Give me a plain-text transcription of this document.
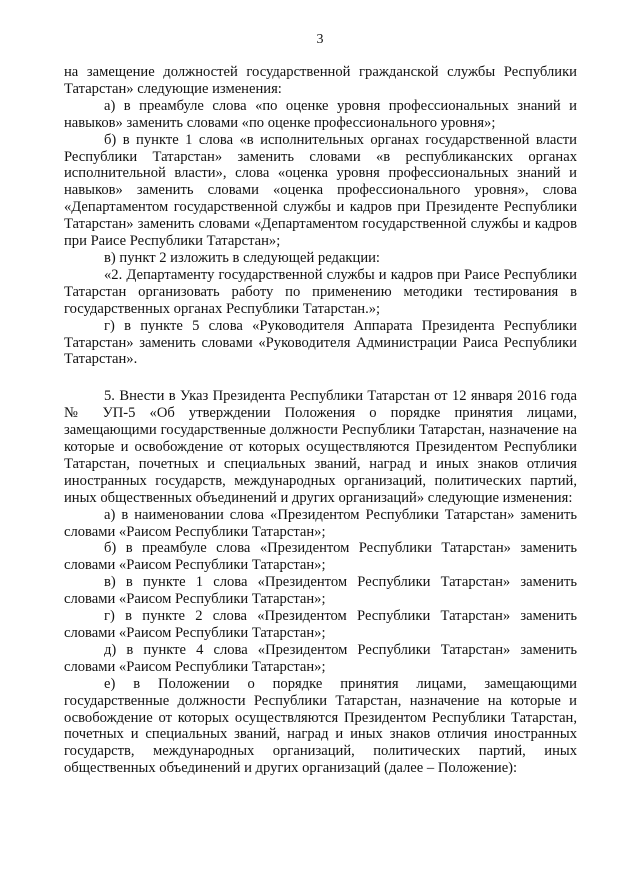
3

на замещение должностей государственной гражданской службы Республики Татарстан» следующие изменения:

а) в преамбуле слова «по оценке уровня профессиональных знаний и навыков» заменить словами «по оценке профессионального уровня»;

б) в пункте 1 слова «в исполнительных органах государственной власти Республики Татарстан» заменить словами «в республиканских органах исполнительной власти», слова «оценка уровня профессиональных знаний и навыков» заменить словами «оценка профессионального уровня», слова «Департаментом государственной службы и кадров при Президенте Республики Татарстан» заменить словами «Департаментом государственной службы и кадров при Раисе Республики Татарстан»;

в) пункт 2 изложить в следующей редакции:

«2. Департаменту государственной службы и кадров при Раисе Республики Татарстан организовать работу по применению методики тестирования в государственных органах Республики Татарстан.»;

г) в пункте 5 слова «Руководителя Аппарата Президента Республики Татарстан» заменить словами «Руководителя Администрации Раиса Республики Татарстан».

5. Внести в Указ Президента Республики Татарстан от 12 января 2016 года № УП-5 «Об утверждении Положения о порядке принятия лицами, замещающими государственные должности Республики Татарстан, назначение на которые и освобождение от которых осуществляются Президентом Республики Татарстан, почетных и специальных званий, наград и иных знаков отличия иностранных государств, международных организаций, политических партий, иных общественных объединений и других организаций» следующие изменения:

а) в наименовании слова «Президентом Республики Татарстан» заменить словами «Раисом Республики Татарстан»;

б) в преамбуле слова «Президентом Республики Татарстан» заменить словами «Раисом Республики Татарстан»;

в) в пункте 1 слова «Президентом Республики Татарстан» заменить словами «Раисом Республики Татарстан»;

г) в пункте 2 слова «Президентом Республики Татарстан» заменить словами «Раисом Республики Татарстан»;

д) в пункте 4 слова «Президентом Республики Татарстан» заменить словами «Раисом Республики Татарстан»;

е) в Положении о порядке принятия лицами, замещающими государственные должности Республики Татарстан, назначение на которые и освобождение от которых осуществляются Президентом Республики Татарстан, почетных и специальных званий, наград и иных знаков отличия иностранных государств, международных организаций, политических партий, иных общественных объединений и других организаций (далее – Положение):
